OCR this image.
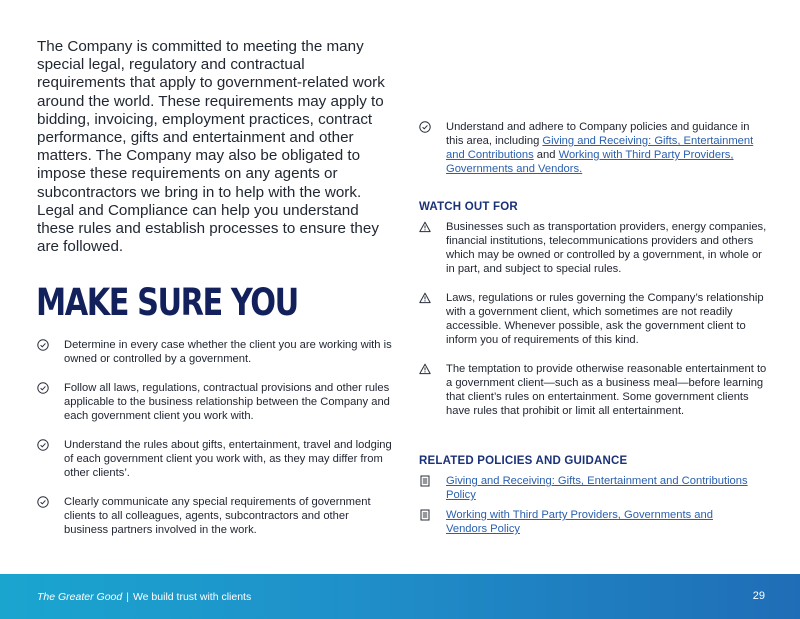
The Company is committed to meeting the many special legal, regulatory and contractual requirements that apply to government-related work around the world. These requirements may apply to bidding, invoicing, employment practices, contract performance, gifts and entertainment and other matters. The Company may also be obligated to impose these requirements on any agents or subcontractors we bring in to help with the work. Legal and Compliance can help you understand these rules and establish processes to ensure they are followed.
MAKE SURE YOU
Determine in every case whether the client you are working with is owned or controlled by a government.
Follow all laws, regulations, contractual provisions and other rules applicable to the business relationship between the Company and each government client you work with.
Understand the rules about gifts, entertainment, travel and lodging of each government client you work with, as they may differ from other clients’.
Clearly communicate any special requirements of government clients to all colleagues, agents, subcontractors and other business partners involved in the work.
Understand and adhere to Company policies and guidance in this area, including Giving and Receiving: Gifts, Entertainment and Contributions and Working with Third Party Providers, Governments and Vendors.
WATCH OUT FOR
Businesses such as transportation providers, energy companies, financial institutions, telecommunications providers and others which may be owned or controlled by a government, in whole or in part, and subject to special rules.
Laws, regulations or rules governing the Company’s relationship with a government client, which sometimes are not readily accessible. Whenever possible, ask the government client to inform you of requirements of this kind.
The temptation to provide otherwise reasonable entertainment to a government client—such as a business meal—before learning that client’s rules on entertainment. Some government clients have rules that prohibit or limit all entertainment.
RELATED POLICIES AND GUIDANCE
Giving and Receiving: Gifts, Entertainment and Contributions Policy
Working with Third Party Providers, Governments and Vendors Policy
The Greater Good | We build trust with clients	29
